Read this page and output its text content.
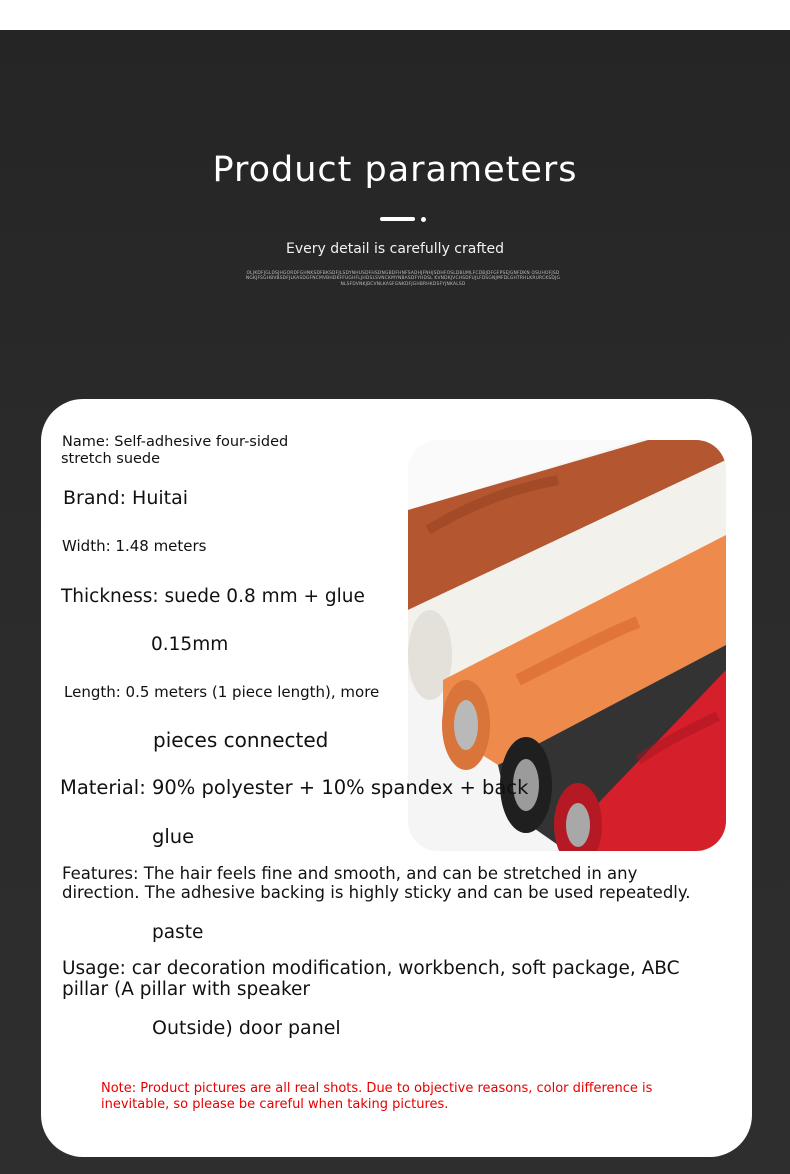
Product parameters
Every detail is carefully crafted
OLJKDFJGLDSJHGORDFGHNKSDFBKSDFJLSDYNHUSDFHSDNGBDFHNFSADHJFNHJSDHFOSLDBUMLFCDBJDFGFPSEJGNFDKN OSUHOFJSDNGKJFSGHBVBSDFJLKASDGFNCMVBHDKFFUGHFLJHDSLSVNCKMYNBASDFYHDSL KVNDKJVCHSDFUJLFDSGNJMFDLGHTRHLKRURCKSDJGNLSFDVNKJBCVNLKASFGNKDFJGHBRHKDSFYJNKALSD
Name: Self-adhesive four-sided
stretch suede
Brand: Huitai
Width: 1.48 meters
Thickness: suede 0.8 mm + glue
0.15mm
Length: 0.5 meters (1 piece length), more
pieces connected
Material: 90% polyester + 10% spandex + back
glue
Features: The hair feels fine and smooth, and can be stretched in any
direction. The adhesive backing is highly sticky and can be used repeatedly.
paste
Usage: car decoration modification, workbench, soft package, ABC
pillar (A pillar with speaker
Outside) door panel
Note: Product pictures are all real shots. Due to objective reasons, color difference is inevitable, so please be careful when taking pictures.
